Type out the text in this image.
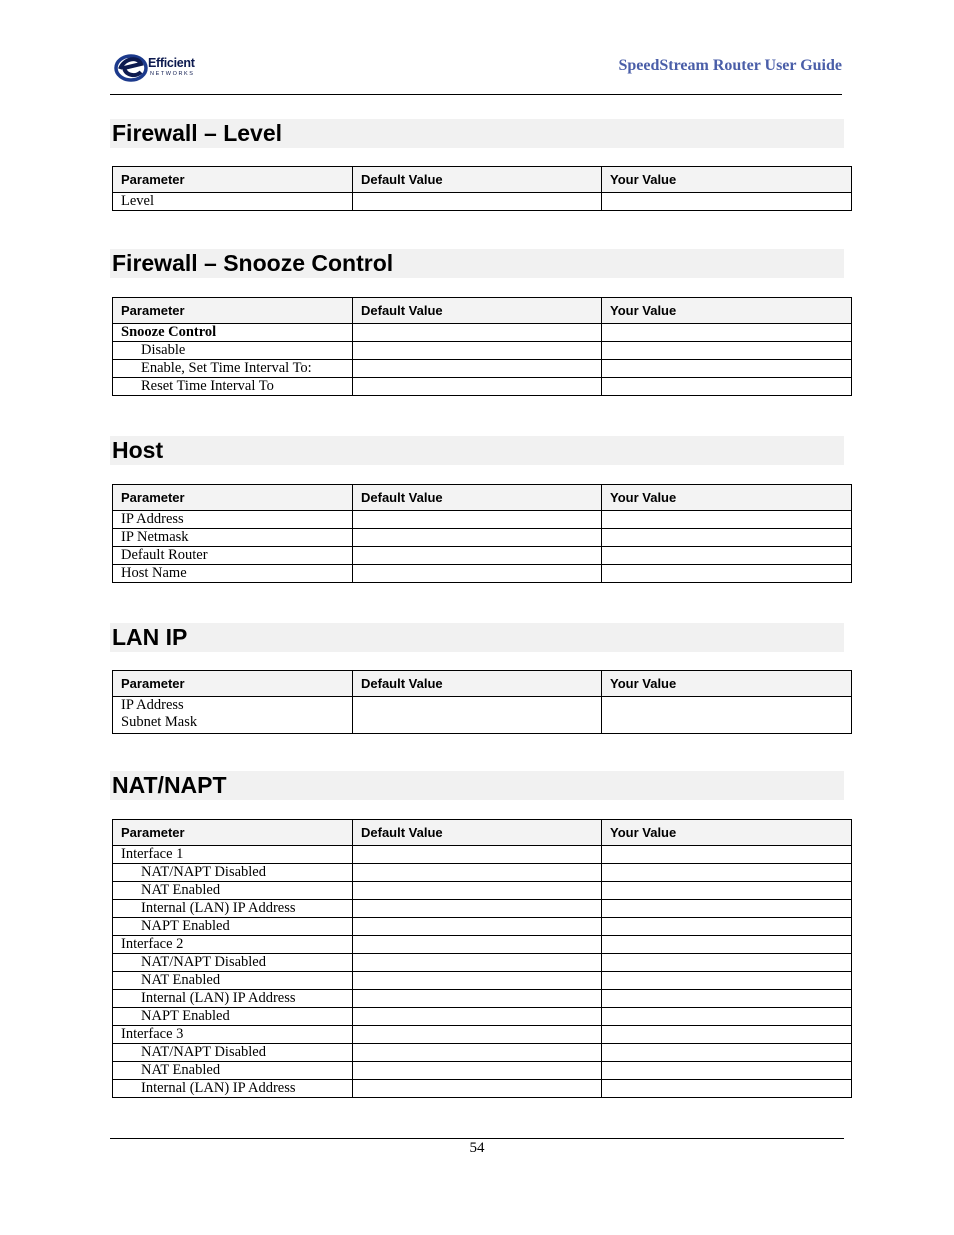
Efficient
NETWORKS	SpeedStream Router User Guide
Firewall – Level
Parameter	Default Value	Your Value
Level		
Firewall – Snooze Control
Parameter	Default Value	Your Value
Snooze Control		
Disable		
Enable, Set Time Interval To:		
Reset Time Interval To		
Host
Parameter	Default Value	Your Value
IP Address		
IP Netmask		
Default Router		
Host Name		
LAN IP
Parameter	Default Value	Your Value

IP Address
Subnet Mask		

NAT/NAPT
Parameter	Default Value	Your Value
Interface 1		
NAT/NAPT Disabled		
NAT Enabled		
Internal (LAN) IP Address		
NAPT Enabled		
Interface 2		
NAT/NAPT Disabled		
NAT Enabled		
Internal (LAN) IP Address		
NAPT Enabled		
Interface 3		
NAT/NAPT Disabled		
NAT Enabled		
Internal (LAN) IP Address		
54
